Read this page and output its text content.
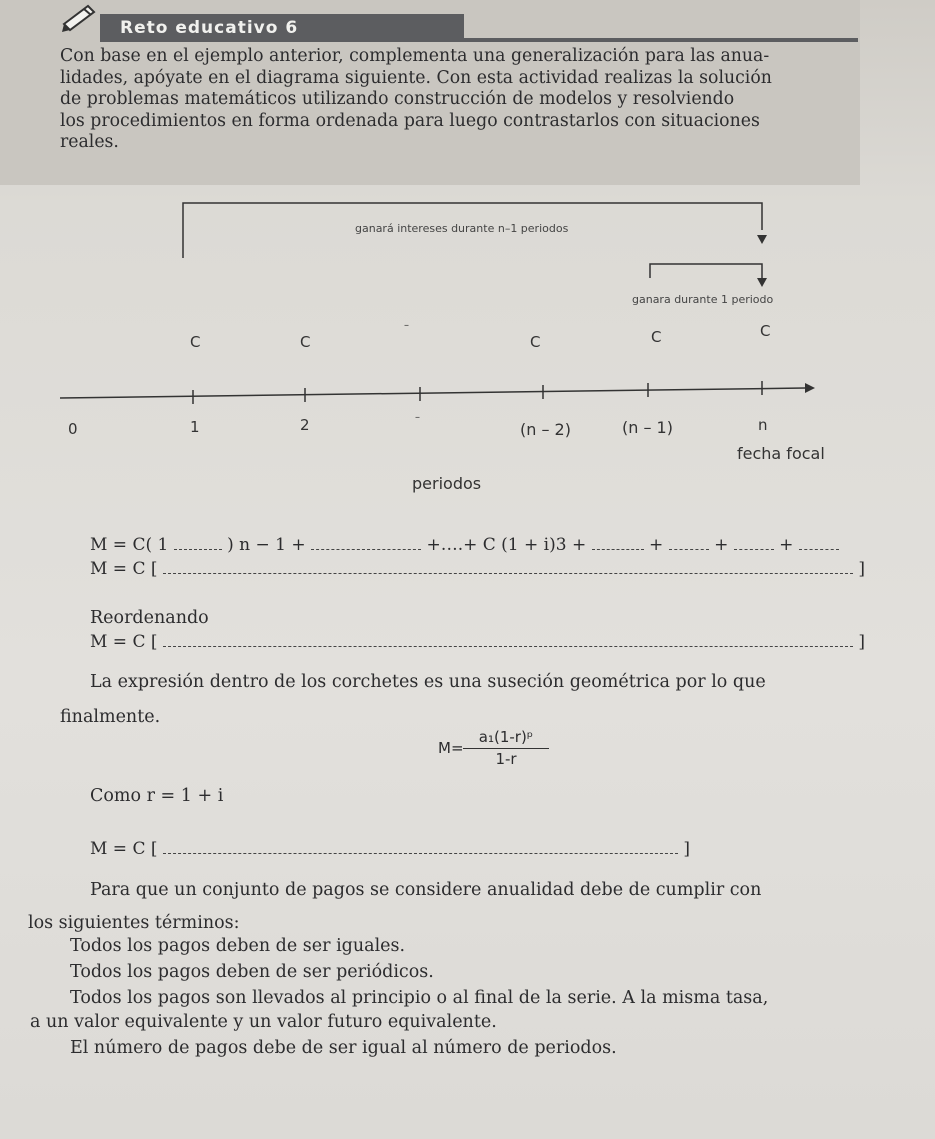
Reto educativo 6
Con base en el ejemplo anterior, complementa una generalización para las anua-
lidades, apóyate en el diagrama siguiente. Con esta actividad realizas la solución
de problemas matemáticos utilizando construcción de modelos y resolviendo
los procedimientos en forma ordenada para luego contrastarlos con situaciones
reales.
ganará intereses durante n–1 periodos
ganara durante 1 periodo
C	C
–
C	C	C
0	1	2	–
(n – 2)	(n – 1)	n
fecha focal
periodos
M = C( 1	) n − 1 +	+….+ C (1 + i)3 +	+	+	+
M = C [	]
Reordenando
M = C [	]
La expresión dentro de los corchetes es una suseción geométrica por lo que
finalmente.
$M= \frac{\text{a₁(1-r)ᵖ}}{1-r}$
Como r = 1 + i
M = C [	]
Para que un conjunto de pagos se considere anualidad debe de cumplir con
los siguientes términos:
Todos los pagos deben de ser iguales.
Todos los pagos deben de ser periódicos.
Todos los pagos son llevados al principio o al final de la serie. A la misma tasa,
a un valor equivalente y un valor futuro equivalente.
El número de pagos debe de ser igual al número de periodos.
